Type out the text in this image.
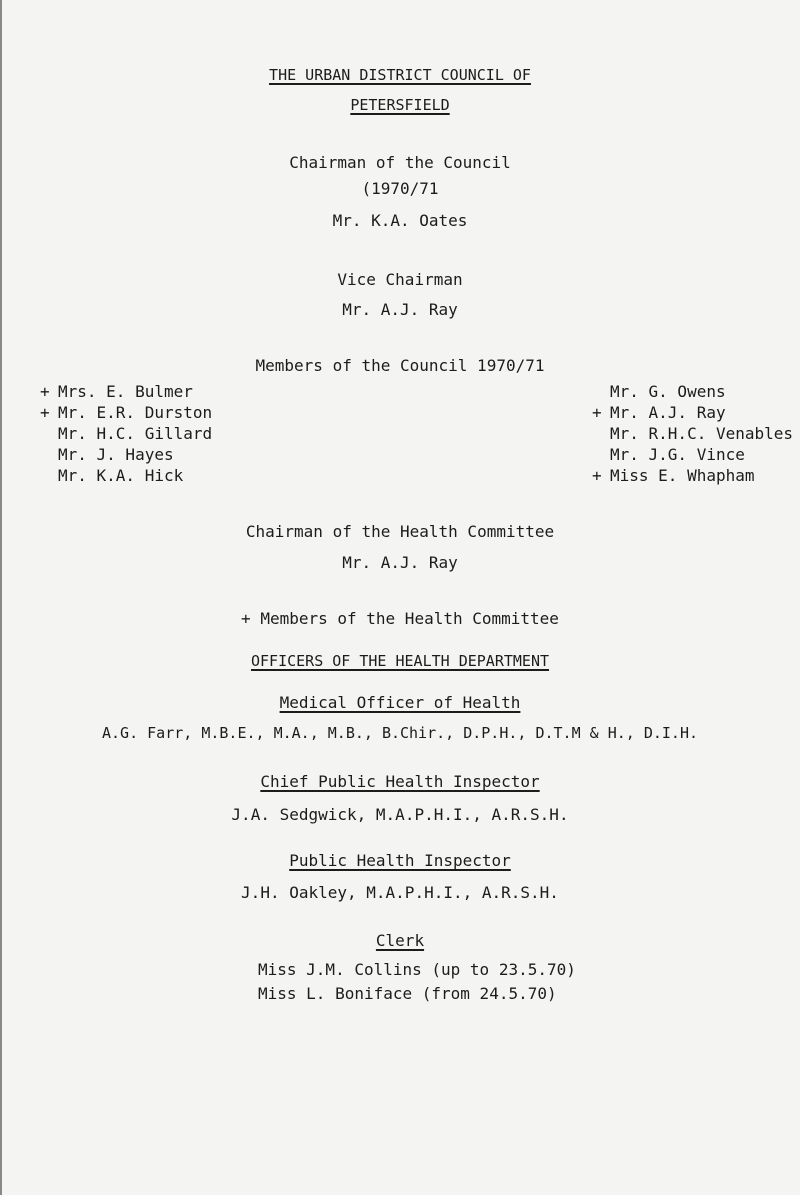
THE URBAN DISTRICT COUNCIL OF
PETERSFIELD
Chairman of the Council
(1970/71
Mr. K.A. Oates
Vice Chairman
Mr. A.J. Ray
Members of the Council 1970/71
+ Mrs. E. Bulmer
+ Mr. E.R. Durston
Mr. H.C. Gillard
Mr. J. Hayes
Mr. K.A. Hick
Mr. G. Owens
+ Mr. A.J. Ray
Mr. R.H.C. Venables
Mr. J.G. Vince
+ Miss E. Whapham
Chairman of the Health Committee
Mr. A.J. Ray
+ Members of the Health Committee
OFFICERS OF THE HEALTH DEPARTMENT
Medical Officer of Health
A.G. Farr, M.B.E., M.A., M.B., B.Chir., D.P.H., D.T.M & H., D.I.H.
Chief Public Health Inspector
J.A. Sedgwick, M.A.P.H.I., A.R.S.H.
Public Health Inspector
J.H. Oakley, M.A.P.H.I., A.R.S.H.
Clerk
Miss J.M. Collins (up to 23.5.70)
Miss L. Boniface (from 24.5.70)
